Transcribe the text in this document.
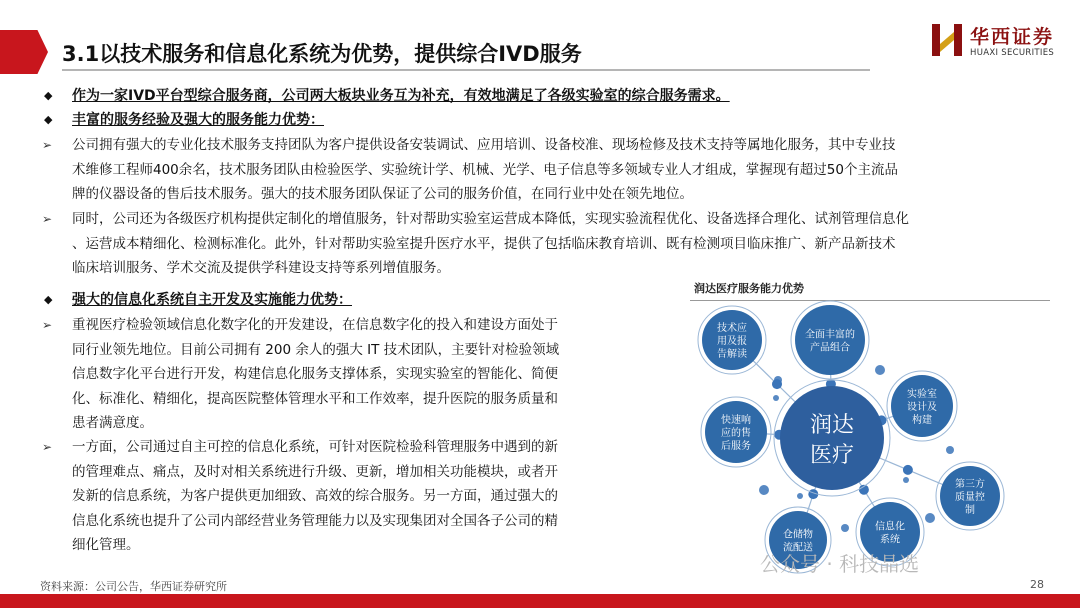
3.1以技术服务和信息化系统为优势，提供综合IVD服务
华西证券
HUAXI SECURITIES
◆ 作为一家IVD平台型综合服务商，公司两大板块业务互为补充，有效地满足了各级实验室的综合服务需求。
◆ 丰富的服务经验及强大的服务能力优势：
➢ 公司拥有强大的专业化技术服务支持团队为客户提供设备安装调试、应用培训、设备校准、现场检修及技术支持等属地化服务，其中专业技
术维修工程师400余名，技术服务团队由检验医学、实验统计学、机械、光学、电子信息等多领域专业人才组成，掌握现有超过50个主流品
牌的仪器设备的售后技术服务。强大的技术服务团队保证了公司的服务价值，在同行业中处在领先地位。
➢ 同时，公司还为各级医疗机构提供定制化的增值服务，针对帮助实验室运营成本降低，实现实验流程优化、设备选择合理化、试剂管理信息化
、运营成本精细化、检测标准化。此外，针对帮助实验室提升医疗水平，提供了包括临床教育培训、既有检测项目临床推广、新产品新技术
临床培训服务、学术交流及提供学科建设支持等系列增值服务。
◆ 强大的信息化系统自主开发及实施能力优势：
➢ 重视医疗检验领域信息化数字化的开发建设，在信息数字化的投入和建设方面处于
同行业领先地位。目前公司拥有 200 余人的强大 IT 技术团队，主要针对检验领域
信息数字化平台进行开发，构建信息化服务支撑体系，实现实验室的智能化、简便
化、标准化、精细化，提高医院整体管理水平和工作效率，提升医院的服务质量和
患者满意度。
➢ 一方面，公司通过自主可控的信息化系统，可针对医院检验科管理服务中遇到的新
的管理难点、痛点，及时对相关系统进行升级、更新，增加相关功能模块，或者开
发新的信息系统，为客户提供更加细致、高效的综合服务。另一方面，通过强大的
信息化系统也提升了公司内部经营业务管理能力以及实现集团对全国各子公司的精
细化管理。
润达医疗服务能力优势
润达
医疗
技术应
用及报
告解读
全面丰富的
产品组合
实验室
设计及
构建
第三方
质量控
制
信息化
系统
仓储物
流配送
快速响
应的售
后服务
资料来源：公司公告，华西证券研究所
公众号 · 科技晶选
28
